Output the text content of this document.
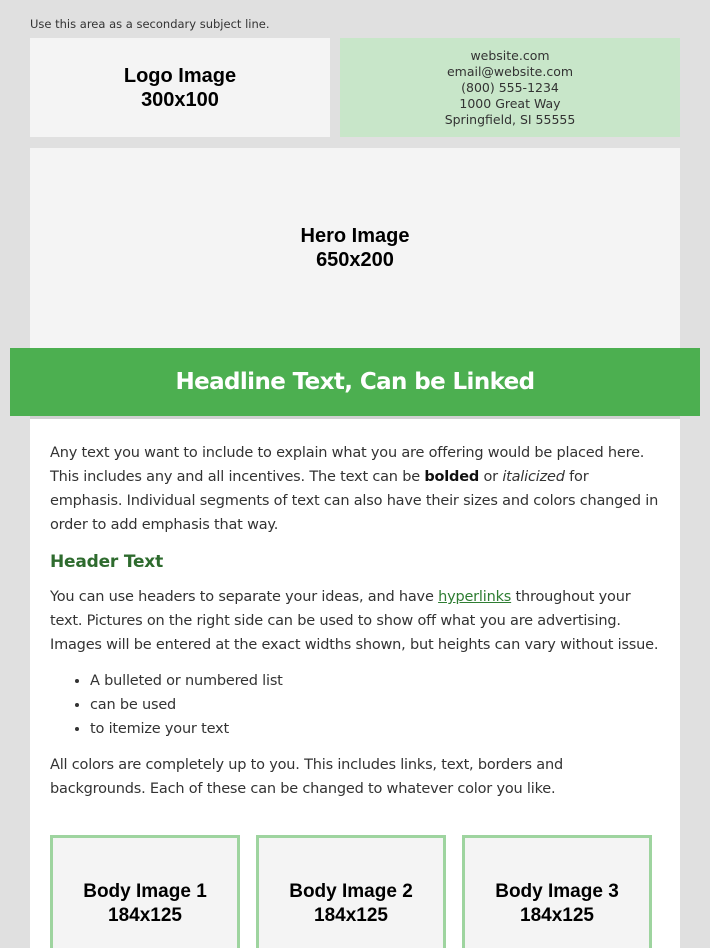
Use this area as a secondary subject line.
Logo Image
300x100
website.com
email@website.com
(800) 555-1234
1000 Great Way
Springfield, SI 55555
Hero Image
650x200
Headline Text, Can be Linked

Any text you want to include to explain what you are offering would be placed here. This includes any and all incentives. The text can be bolded or italicized for emphasis. Individual segments of text can also have their sizes and colors changed in order to add emphasis that way.

Header Text

You can use headers to separate your ideas, and have hyperlinks throughout your text. Pictures on the right side can be used to show off what you are advertising. Images will be entered at the exact widths shown, but heights can vary without issue.

• A bulleted or numbered list
• can be used
• to itemize your text

All colors are completely up to you. This includes links, text, borders and backgrounds. Each of these can be changed to whatever color you like.

Body Image 1
184x125
Body Image 2
184x125
Body Image 3
184x125
